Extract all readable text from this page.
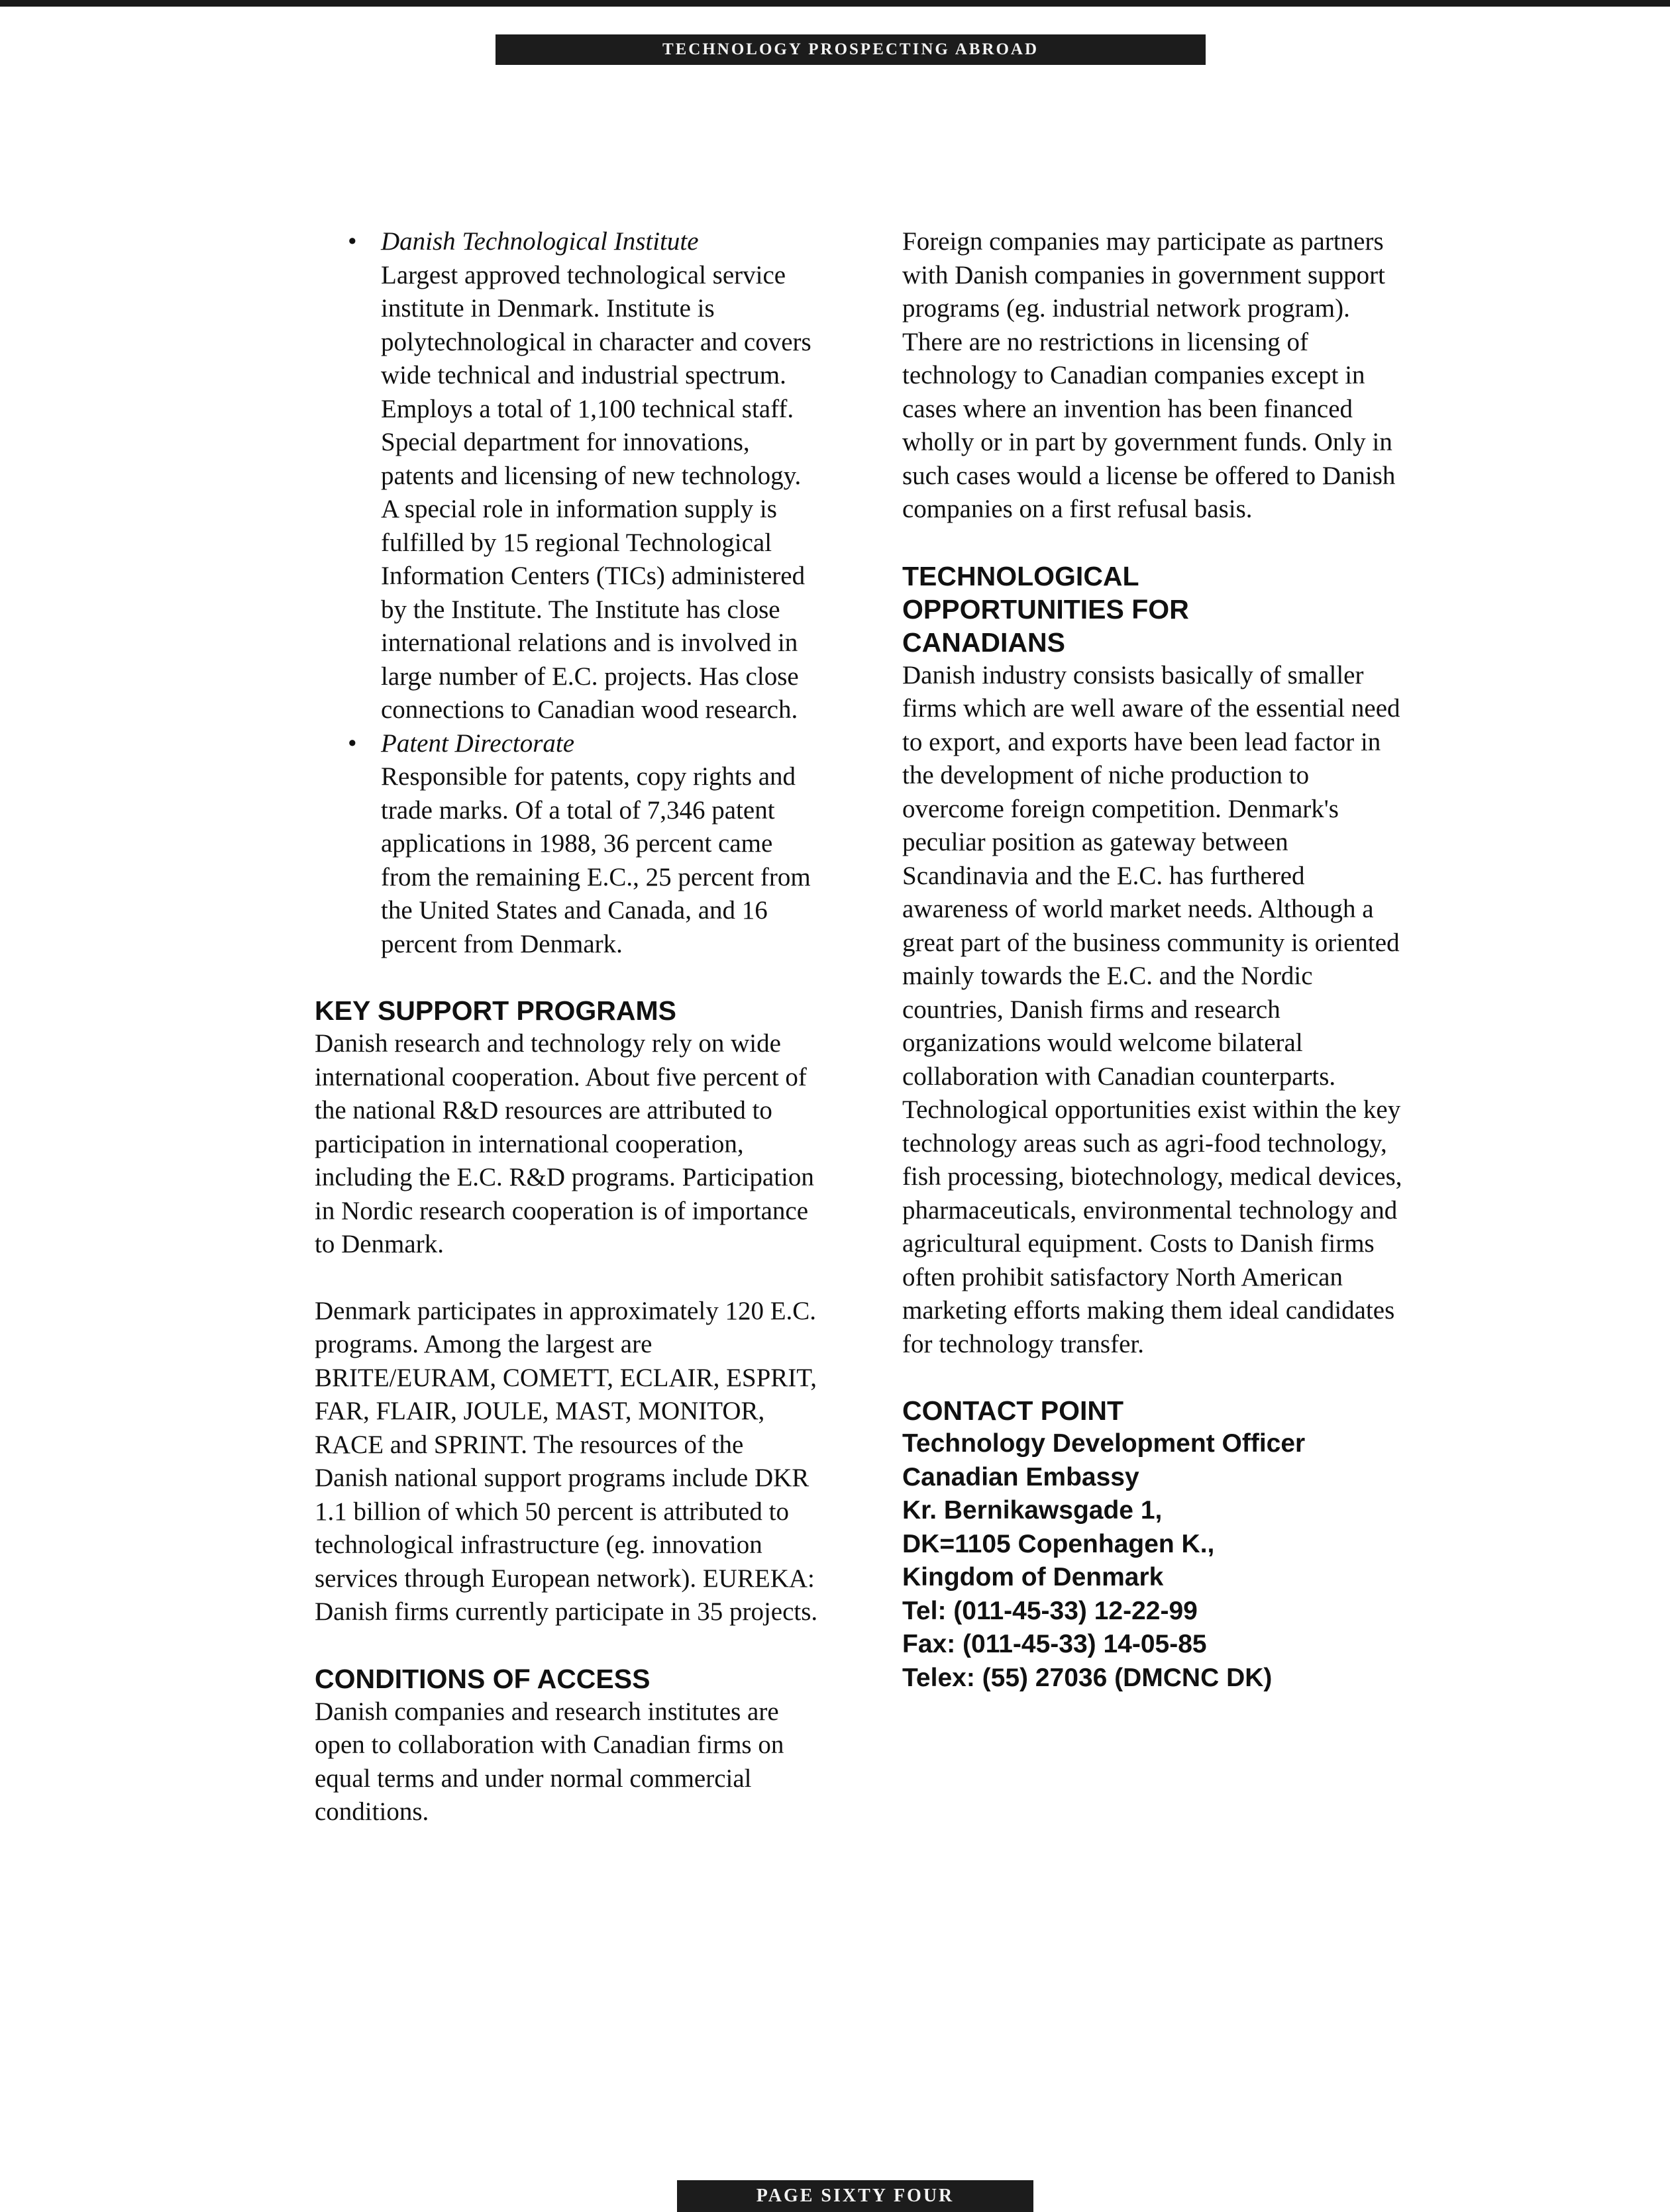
TECHNOLOGY PROSPECTING ABROAD
• Danish Technological Institute
Largest approved technological service institute in Denmark. Institute is polytechnological in character and covers wide technical and industrial spectrum. Employs a total of 1,100 technical staff. Special department for innovations, patents and licensing of new technology. A special role in information supply is fulfilled by 15 regional Technological Information Centers (TICs) administered by the Institute. The Institute has close international relations and is involved in large number of E.C. projects. Has close connections to Canadian wood research.
• Patent Directorate
Responsible for patents, copy rights and trade marks. Of a total of 7,346 patent applications in 1988, 36 percent came from the remaining E.C., 25 percent from the United States and Canada, and 16 percent from Denmark.
KEY SUPPORT PROGRAMS

Danish research and technology rely on wide international cooperation. About five percent of the national R&D resources are attributed to participation in international cooperation, including the E.C. R&D programs. Participation in Nordic research cooperation is of importance to Denmark.

Denmark participates in approximately 120 E.C. programs. Among the largest are BRITE/EURAM, COMETT, ECLAIR, ESPRIT, FAR, FLAIR, JOULE, MAST, MONITOR, RACE and SPRINT. The resources of the Danish national support programs include DKR 1.1 billion of which 50 percent is attributed to technological infrastructure (eg. innovation services through European network). EUREKA: Danish firms currently participate in 35 projects.

CONDITIONS OF ACCESS

Danish companies and research institutes are open to collaboration with Canadian firms on equal terms and under normal commercial conditions.

Foreign companies may participate as partners with Danish companies in government support programs (eg. industrial network program). There are no restrictions in licensing of technology to Canadian companies except in cases where an invention has been financed wholly or in part by government funds. Only in such cases would a license be offered to Danish companies on a first refusal basis.

TECHNOLOGICAL
OPPORTUNITIES FOR
CANADIANS

Danish industry consists basically of smaller firms which are well aware of the essential need to export, and exports have been lead factor in the development of niche production to overcome foreign competition. Denmark's peculiar position as gateway between Scandinavia and the E.C. has furthered awareness of world market needs. Although a great part of the business community is oriented mainly towards the E.C. and the Nordic countries, Danish firms and research organizations would welcome bilateral collaboration with Canadian counterparts. Technological opportunities exist within the key technology areas such as agri-food technology, fish processing, biotechnology, medical devices, pharmaceuticals, environmental technology and agricultural equipment. Costs to Danish firms often prohibit satisfactory North American marketing efforts making them ideal candidates for technology transfer.

CONTACT POINT
Technology Development Officer
Canadian Embassy
Kr. Bernikawsgade 1,
DK=1105 Copenhagen K.,
Kingdom of Denmark
Tel: (011-45-33) 12-22-99
Fax: (011-45-33) 14-05-85
Telex: (55) 27036 (DMCNC DK)
PAGE SIXTY FOUR
